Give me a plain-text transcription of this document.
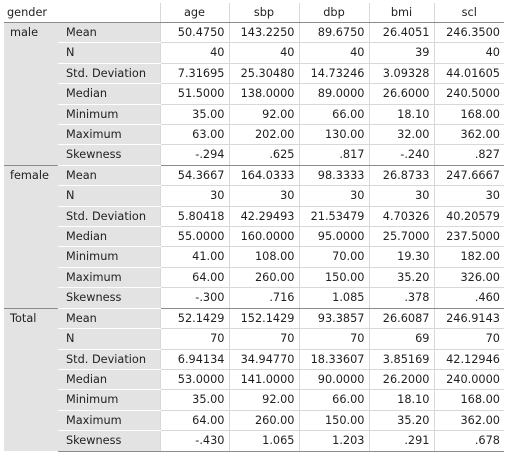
gender		age	sbp	dbp	bmi	scl
male	Mean	50.4750	143.2250	89.6750	26.4051	246.3500
	N	40	40	40	39	40
	Std. Deviation	7.31695	25.30480	14.73246	3.09328	44.01605
	Median	51.5000	138.0000	89.0000	26.6000	240.5000
	Minimum	35.00	92.00	66.00	18.10	168.00
	Maximum	63.00	202.00	130.00	32.00	362.00
	Skewness	-.294	.625	.817	-.240	.827
female	Mean	54.3667	164.0333	98.3333	26.8733	247.6667
	N	30	30	30	30	30
	Std. Deviation	5.80418	42.29493	21.53479	4.70326	40.20579
	Median	55.0000	160.0000	95.0000	25.7000	237.5000
	Minimum	41.00	108.00	70.00	19.30	182.00
	Maximum	64.00	260.00	150.00	35.20	326.00
	Skewness	-.300	.716	1.085	.378	.460
Total	Mean	52.1429	152.1429	93.3857	26.6087	246.9143
	N	70	70	70	69	70
	Std. Deviation	6.94134	34.94770	18.33607	3.85169	42.12946
	Median	53.0000	141.0000	90.0000	26.2000	240.0000
	Minimum	35.00	92.00	66.00	18.10	168.00
	Maximum	64.00	260.00	150.00	35.20	362.00
	Skewness	-.430	1.065	1.203	.291	.678
